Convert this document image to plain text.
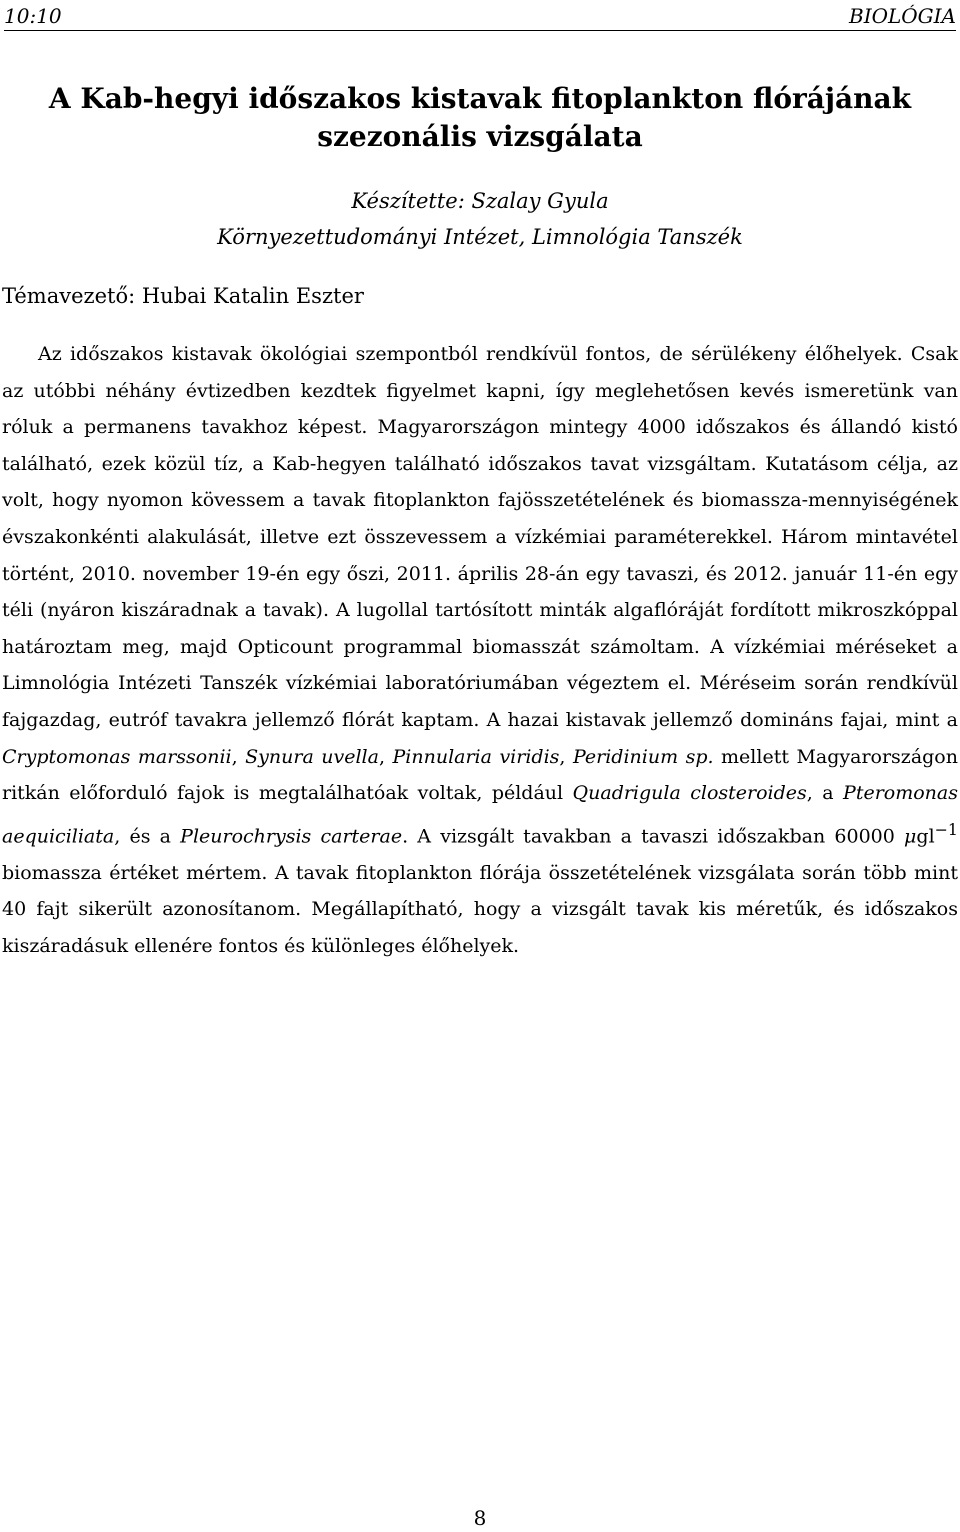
10:10	BIOLÓGIA
A Kab-hegyi időszakos kistavak fitoplankton flórájának
szezonális vizsgálata
Készítette: Szalay Gyula
Környezettudományi Intézet, Limnológia Tanszék
Témavezető: Hubai Katalin Eszter
Az időszakos kistavak ökológiai szempontból rendkívül fontos, de sérülékeny élőhelyek. Csak az utóbbi néhány évtizedben kezdtek figyelmet kapni, így meglehetősen kevés ismeretünk van róluk a permanens tavakhoz képest. Magyarországon mintegy 4000 időszakos és állandó kistó található, ezek közül tíz, a Kab-hegyen található időszakos tavat vizsgáltam. Kutatásom célja, az volt, hogy nyomon kövessem a tavak fitoplankton fajösszetételének és biomassza-mennyiségének évszakonkénti alakulását, illetve ezt összevessem a vízkémiai paraméterekkel. Három mintavétel történt, 2010. november 19-én egy őszi, 2011. április 28-án egy tavaszi, és 2012. január 11-én egy téli (nyáron kiszáradnak a tavak). A lugollal tartósított minták algaflóráját fordított mikroszkóppal határoztam meg, majd Opticount programmal biomasszát számoltam. A vízkémiai méréseket a Limnológia Intézeti Tanszék vízkémiai laboratóriumában végeztem el. Méréseim során rendkívül fajgazdag, eutróf tavakra jellemző flórát kaptam. A hazai kistavak jellemző domináns fajai, mint a Cryptomonas marssonii, Synura uvella, Pinnularia viridis, Peridinium sp. mellett Magyarországon ritkán előforduló fajok is megtalálhatóak voltak, például Quadrigula closteroides, a Pteromonas aequiciliata, és a Pleurochrysis carterae. A vizsgált tavakban a tavaszi időszakban 60000 μgl$^{-1}$ biomassza értéket mértem. A tavak fitoplankton flórája összetételének vizsgálata során több mint 40 fajt sikerült azonosítanom. Megállapítható, hogy a vizsgált tavak kis méretűk, és időszakos kiszáradásuk ellenére fontos és különleges élőhelyek.
8
